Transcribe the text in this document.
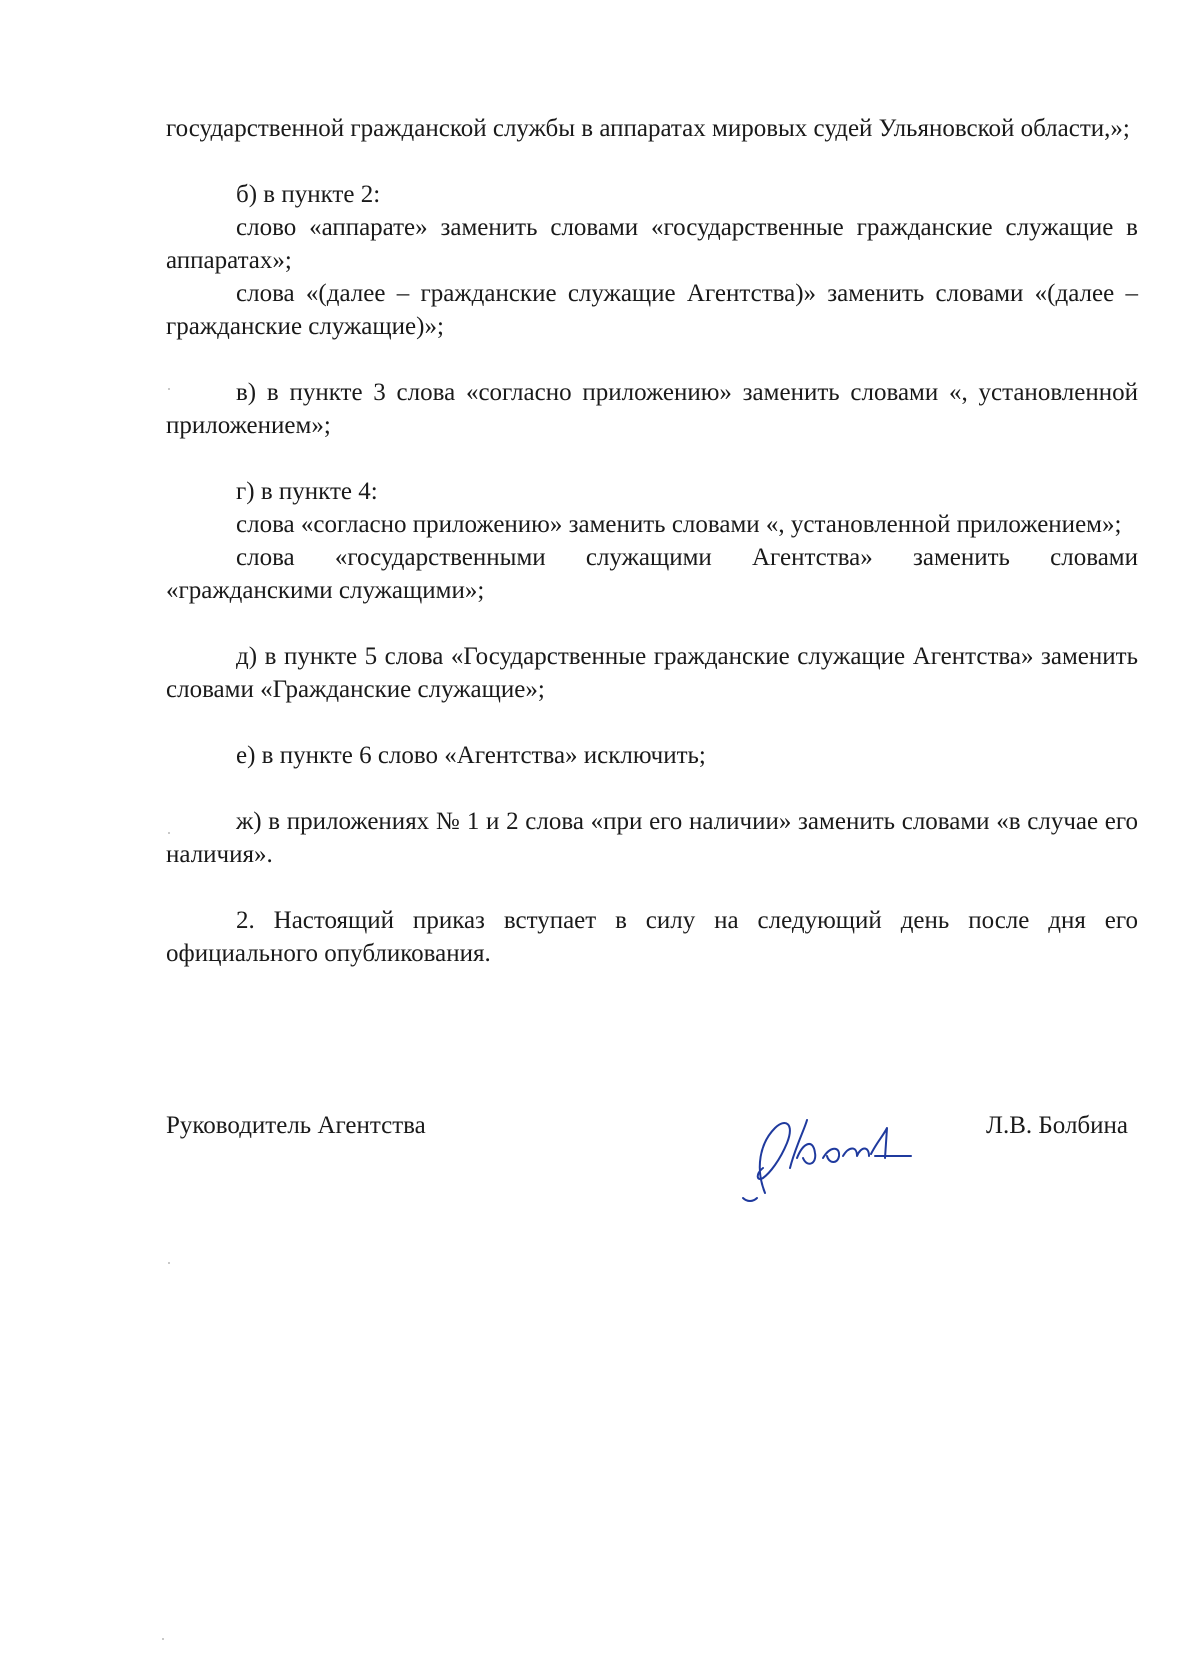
государственной гражданской службы в аппаратах мировых судей Ульяновской области,»;

б) в пункте 2:

слово «аппарате» заменить словами «государственные гражданские служащие в аппаратах»;

слова «(далее – гражданские служащие Агентства)» заменить словами «(далее – гражданские служащие)»;

в) в пункте 3 слова «согласно приложению» заменить словами «, установленной приложением»;

г) в пункте 4:

слова «согласно приложению» заменить словами «, установленной приложением»;

слова «государственными служащими Агентства» заменить словами «гражданскими служащими»;

д) в пункте 5 слова «Государственные гражданские служащие Агентства» заменить словами «Гражданские служащие»;

е) в пункте 6 слово «Агентства» исключить;

ж) в приложениях № 1 и 2 слова «при его наличии» заменить словами «в случае его наличия».

2. Настоящий приказ вступает в силу на следующий день после дня его официального опубликования.

Руководитель Агентства	Л.В. Болбина
